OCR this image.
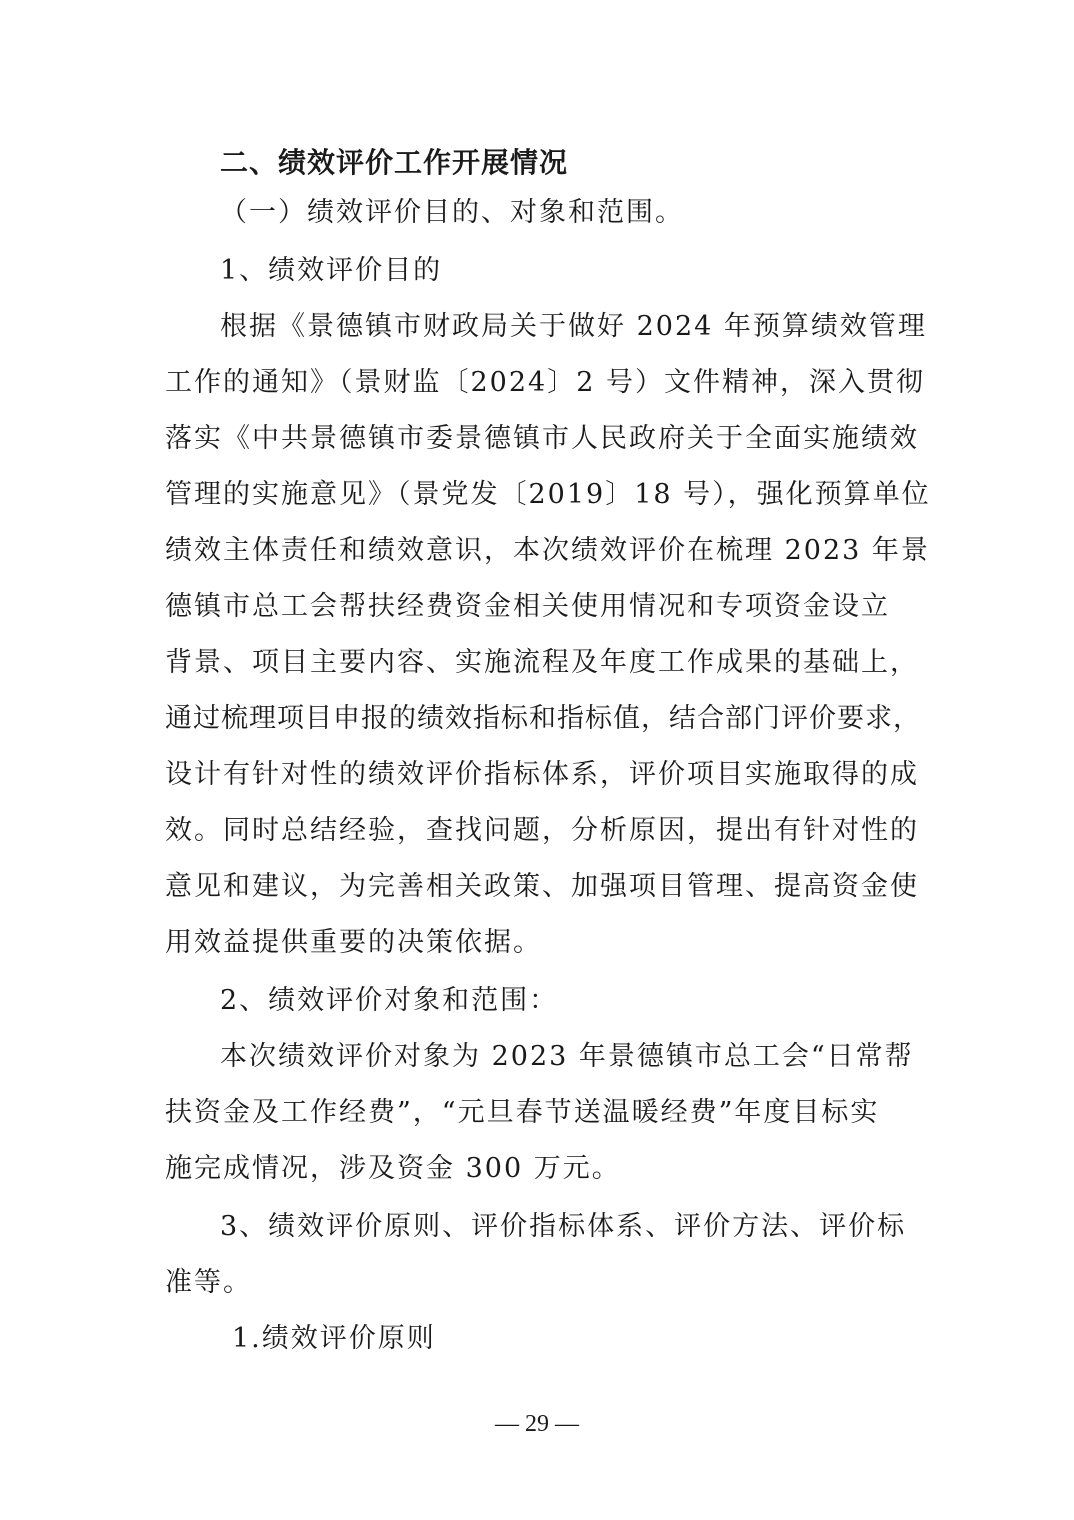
二、绩效评价工作开展情况
（一）绩效评价目的、对象和范围。
1、绩效评价目的
根据《景德镇市财政局关于做好 2024 年预算绩效管理
工作的通知》（景财监〔2024〕2 号）文件精神，深入贯彻
落实《中共景德镇市委景德镇市人民政府关于全面实施绩效
管理的实施意见》（景党发〔2019〕18 号），强化预算单位
绩效主体责任和绩效意识，本次绩效评价在梳理 2023 年景
德镇市总工会帮扶经费资金相关使用情况和专项资金设立
背景、项目主要内容、实施流程及年度工作成果的基础上，
通过梳理项目申报的绩效指标和指标值，结合部门评价要求，
设计有针对性的绩效评价指标体系，评价项目实施取得的成
效。同时总结经验，查找问题，分析原因，提出有针对性的
意见和建议，为完善相关政策、加强项目管理、提高资金使
用效益提供重要的决策依据。
2、绩效评价对象和范围：
本次绩效评价对象为 2023 年景德镇市总工会“日常帮
扶资金及工作经费”，“元旦春节送温暖经费”年度目标实
施完成情况，涉及资金 300 万元。
3、绩效评价原则、评价指标体系、评价方法、评价标
准等。
1.绩效评价原则
— 29 —
